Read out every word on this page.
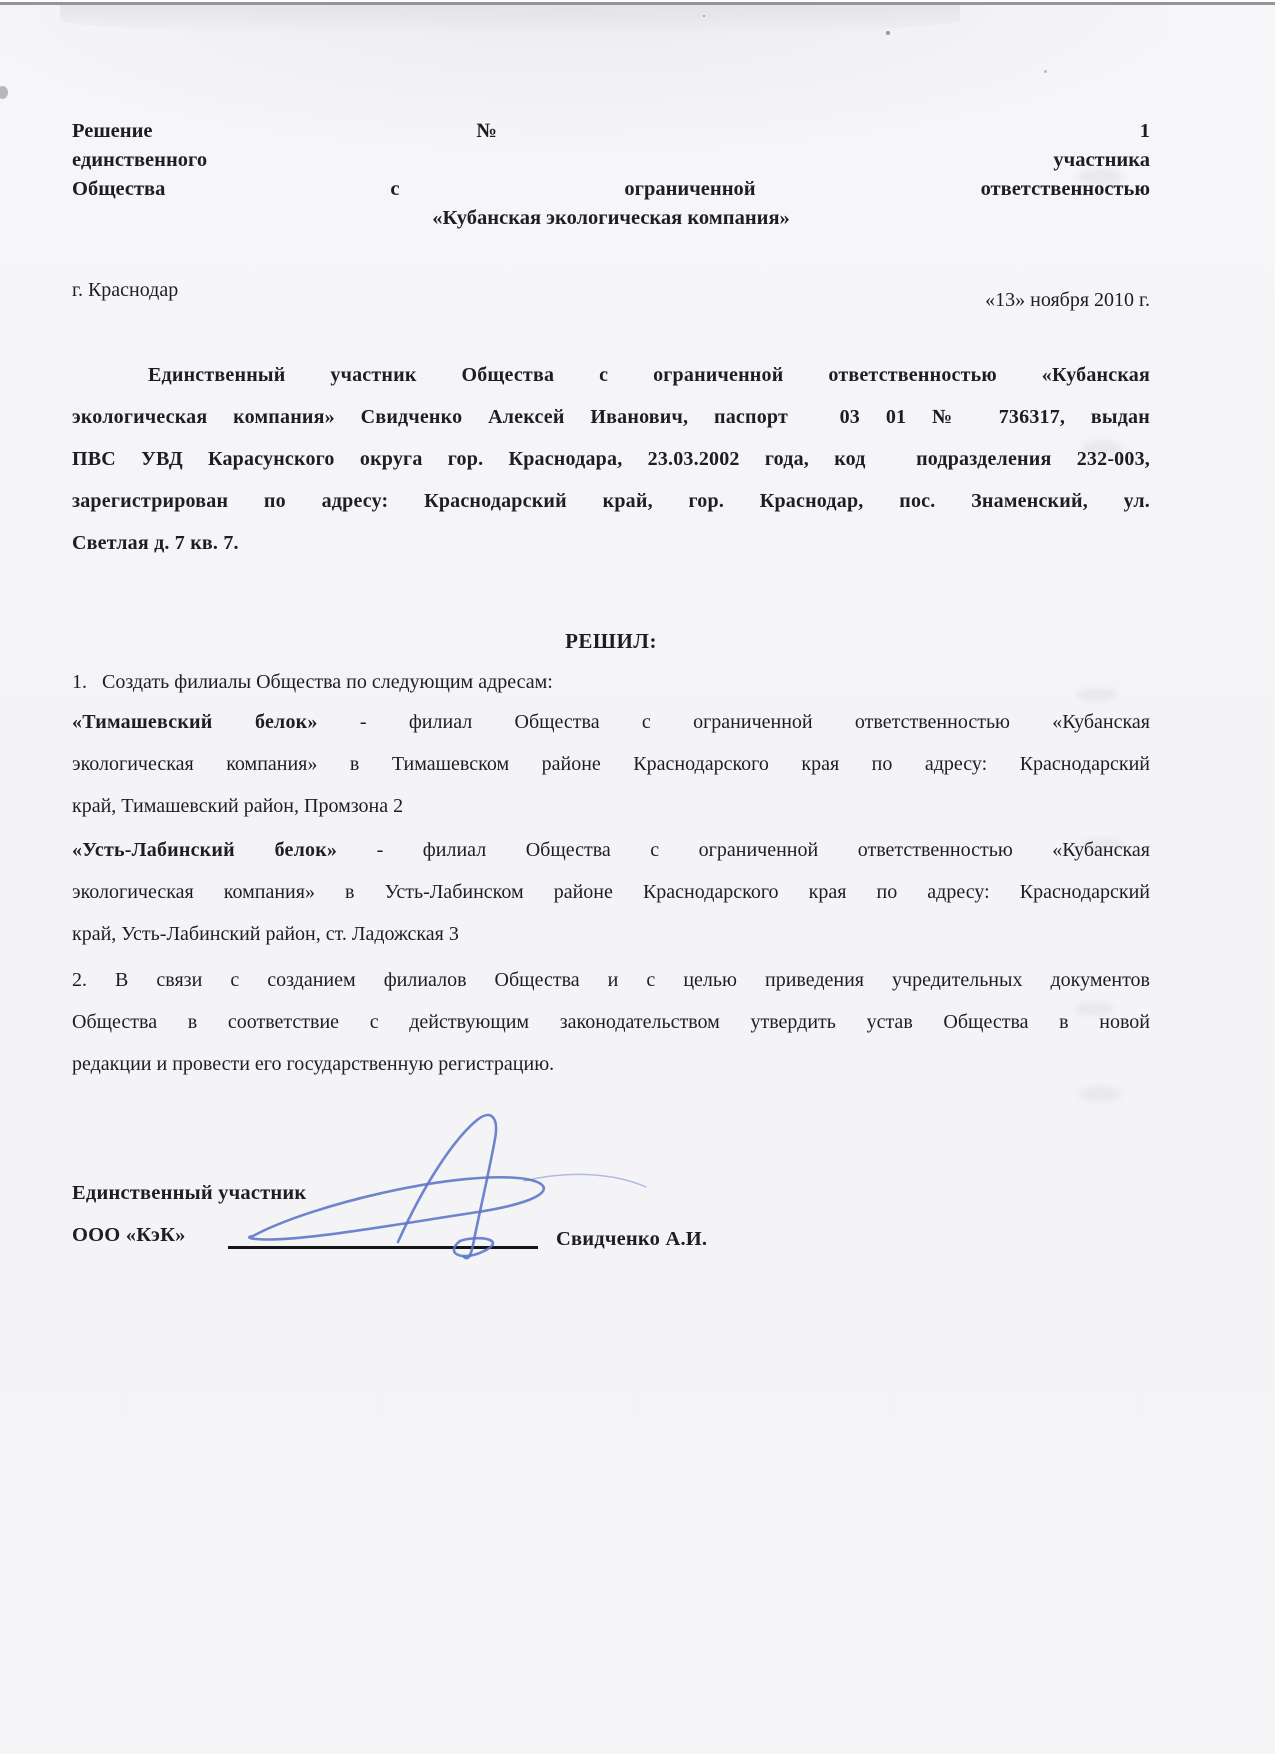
Решение № 1
единственного участника
Общества с ограниченной ответственностью
«Кубанская экологическая компания»
г. Краснодар	«13» ноября 2010 г.
Единственный участник Общества с ограниченной ответственностью «Кубанская
экологическая компания» Свидченко Алексей Иванович, паспорт  03 01 № 736317, выдан
ПВС УВД Карасунского округа гор. Краснодара, 23.03.2002 года, код  подразделения 232-003,
зарегистрирован по адресу: Краснодарский край, гор. Краснодар, пос. Знаменский, ул.
Светлая д. 7 кв. 7.
РЕШИЛ:
1.   Создать филиалы Общества по следующим адресам:
«Тимашевский белок» - филиал Общества с ограниченной ответственностью «Кубанская
экологическая компания» в Тимашевском районе Краснодарского края по адресу: Краснодарский
край, Тимашевский район, Промзона 2
«Усть-Лабинский белок» - филиал Общества с ограниченной ответственностью «Кубанская
экологическая компания» в Усть-Лабинском районе Краснодарского края по адресу: Краснодарский
край, Усть-Лабинский район, ст. Ладожская 3
2. В связи с созданием филиалов Общества и с целью приведения учредительных документов
Общества в соответствие с действующим законодательством утвердить устав Общества в новой
редакции и провести его государственную регистрацию.
Единственный участник
ООО «КэК»	Свидченко А.И.
